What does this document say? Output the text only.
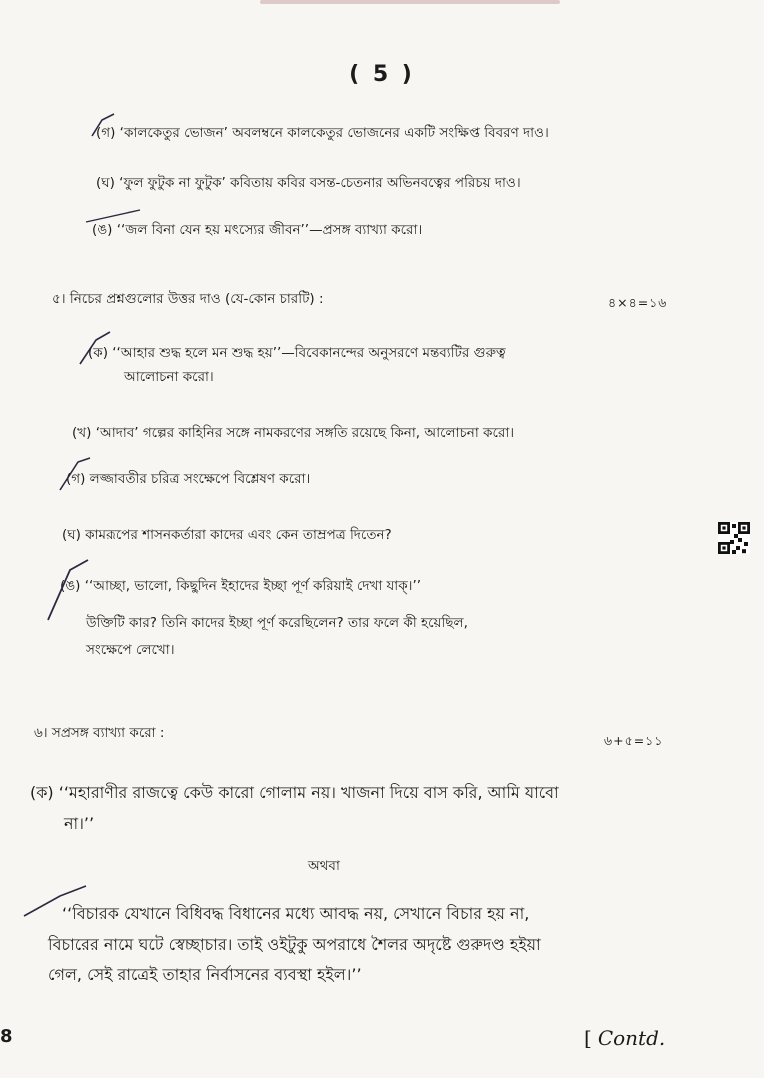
( 5 )
(গ) ‘কালকেতুর ভোজন’ অবলম্বনে কালকেতুর ভোজনের একটি সংক্ষিপ্ত বিবরণ দাও।
(ঘ) ‘ফুল ফুটুক না ফুটুক’ কবিতায় কবির বসন্ত-চেতনার অভিনবত্বের পরিচয় দাও।
(ঙ) ‘‘জল বিনা যেন হয় মৎস্যের জীবন’’—প্রসঙ্গ ব্যাখ্যা করো।
৫। নিচের প্রশ্নগুলোর উত্তর দাও (যে-কোন চারটি) :	৪×৪=১৬
(ক) ‘‘আহার শুদ্ধ হলে মন শুদ্ধ হয়’’—বিবেকানন্দের অনুসরণে মন্তব্যটির গুরুত্ব
আলোচনা করো।
(খ) ‘আদাব’ গল্পের কাহিনির সঙ্গে নামকরণের সঙ্গতি রয়েছে কিনা, আলোচনা করো।
(গ) লজ্জাবতীর চরিত্র সংক্ষেপে বিশ্লেষণ করো।
(ঘ) কামরূপের শাসনকর্তারা কাদের এবং কেন তাম্রপত্র দিতেন?
(ঙ) ‘‘আচ্ছা, ভালো, কিছুদিন ইহাদের ইচ্ছা পূর্ণ করিয়াই দেখা যাক্।’’
উক্তিটি কার? তিনি কাদের ইচ্ছা পূর্ণ করেছিলেন? তার ফলে কী হয়েছিল,
সংক্ষেপে লেখো।
৬। সপ্রসঙ্গ ব্যাখ্যা করো :	৬+৫=১১
(ক) ‘‘মহারাণীর রাজত্বে কেউ কারো গোলাম নয়। খাজনা দিয়ে বাস করি, আমি যাবো
না।’’
অথবা
‘‘বিচারক যেখানে বিধিবদ্ধ বিধানের মধ্যে আবদ্ধ নয়, সেখানে বিচার হয় না,
বিচারের নামে ঘটে স্বেচ্ছাচার। তাই ওইটুকু অপরাধে শৈলর অদৃষ্টে গুরুদণ্ড হইয়া
গেল, সেই রাত্রেই তাহার নির্বাসনের ব্যবস্থা হইল।’’
8	[ Contd.
